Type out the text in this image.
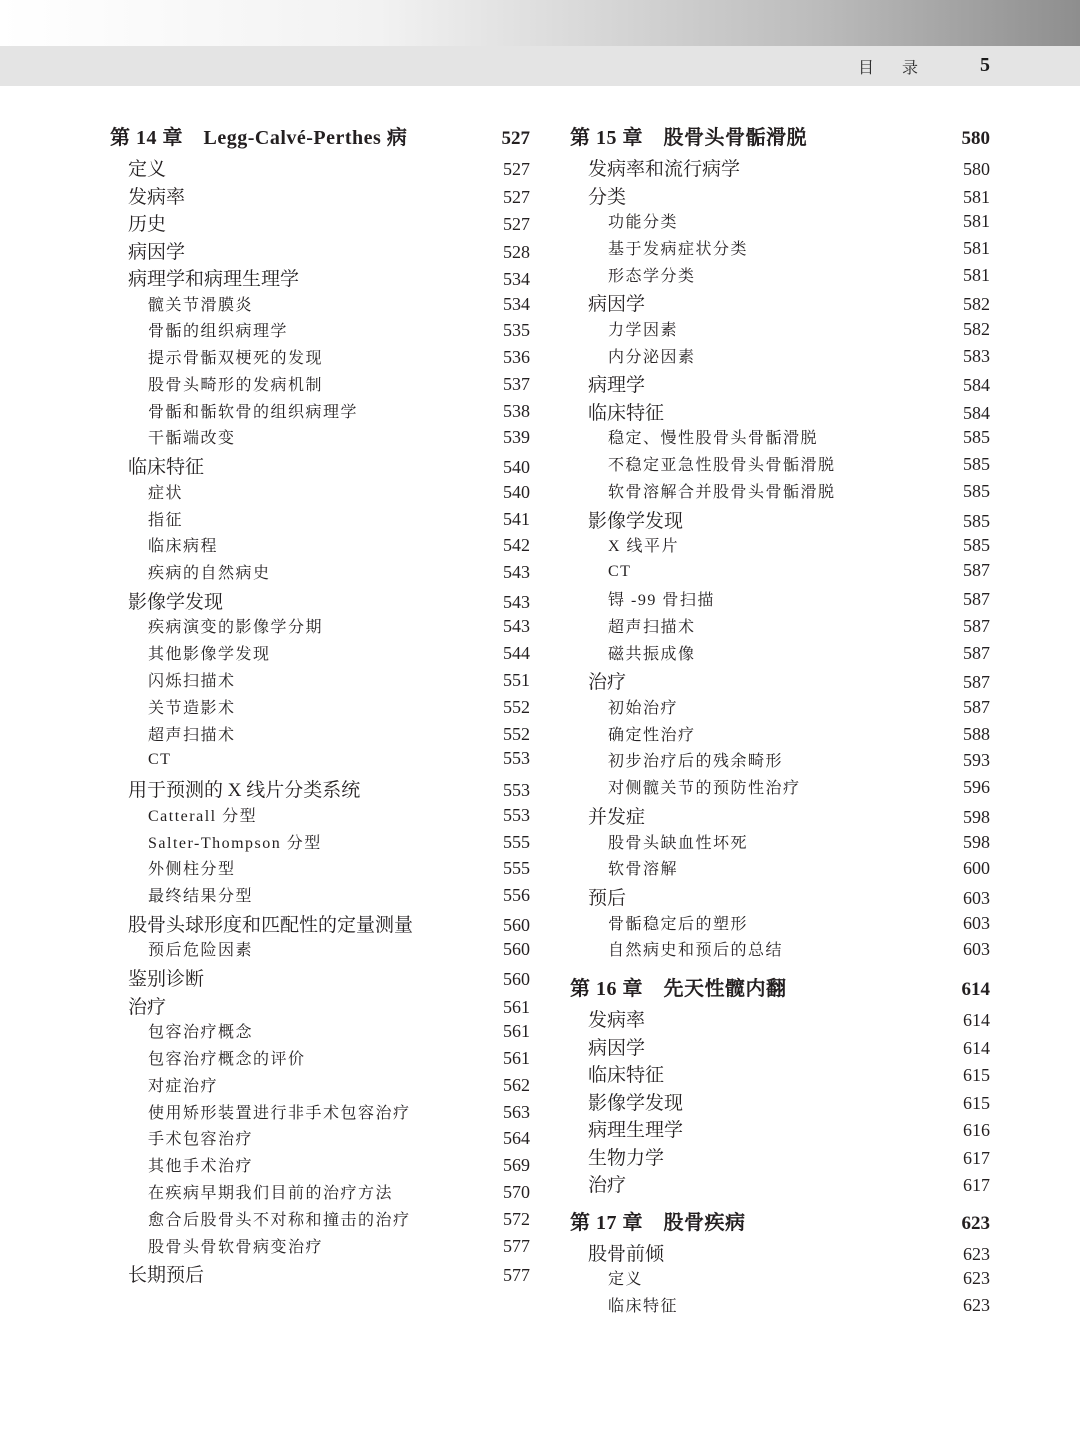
目 录	5
第 14 章　Legg-Calvé-Perthes 病	527
定义	527
发病率	527
历史	527
病因学	528
病理学和病理生理学	534
髋关节滑膜炎	534
骨骺的组织病理学	535
提示骨骺双梗死的发现	536
股骨头畸形的发病机制	537
骨骺和骺软骨的组织病理学	538
干骺端改变	539
临床特征	540
症状	540
指征	541
临床病程	542
疾病的自然病史	543
影像学发现	543
疾病演变的影像学分期	543
其他影像学发现	544
闪烁扫描术	551
关节造影术	552
超声扫描术	552
CT	553
用于预测的 X 线片分类系统	553
Catterall 分型	553
Salter-Thompson 分型	555
外侧柱分型	555
最终结果分型	556
股骨头球形度和匹配性的定量测量	560
预后危险因素	560
鉴别诊断	560
治疗	561
包容治疗概念	561
包容治疗概念的评价	561
对症治疗	562
使用矫形装置进行非手术包容治疗	563
手术包容治疗	564
其他手术治疗	569
在疾病早期我们目前的治疗方法	570
愈合后股骨头不对称和撞击的治疗	572
股骨头骨软骨病变治疗	577
长期预后	577
第 15 章　股骨头骨骺滑脱	580
发病率和流行病学	580
分类	581
功能分类	581
基于发病症状分类	581
形态学分类	581
病因学	582
力学因素	582
内分泌因素	583
病理学	584
临床特征	584
稳定、慢性股骨头骨骺滑脱	585
不稳定亚急性股骨头骨骺滑脱	585
软骨溶解合并股骨头骨骺滑脱	585
影像学发现	585
X 线平片	585
CT	587
锝 -99 骨扫描	587
超声扫描术	587
磁共振成像	587
治疗	587
初始治疗	587
确定性治疗	588
初步治疗后的残余畸形	593
对侧髋关节的预防性治疗	596
并发症	598
股骨头缺血性坏死	598
软骨溶解	600
预后	603
骨骺稳定后的塑形	603
自然病史和预后的总结	603
第 16 章　先天性髋内翻	614
发病率	614
病因学	614
临床特征	615
影像学发现	615
病理生理学	616
生物力学	617
治疗	617
第 17 章　股骨疾病	623
股骨前倾	623
定义	623
临床特征	623
